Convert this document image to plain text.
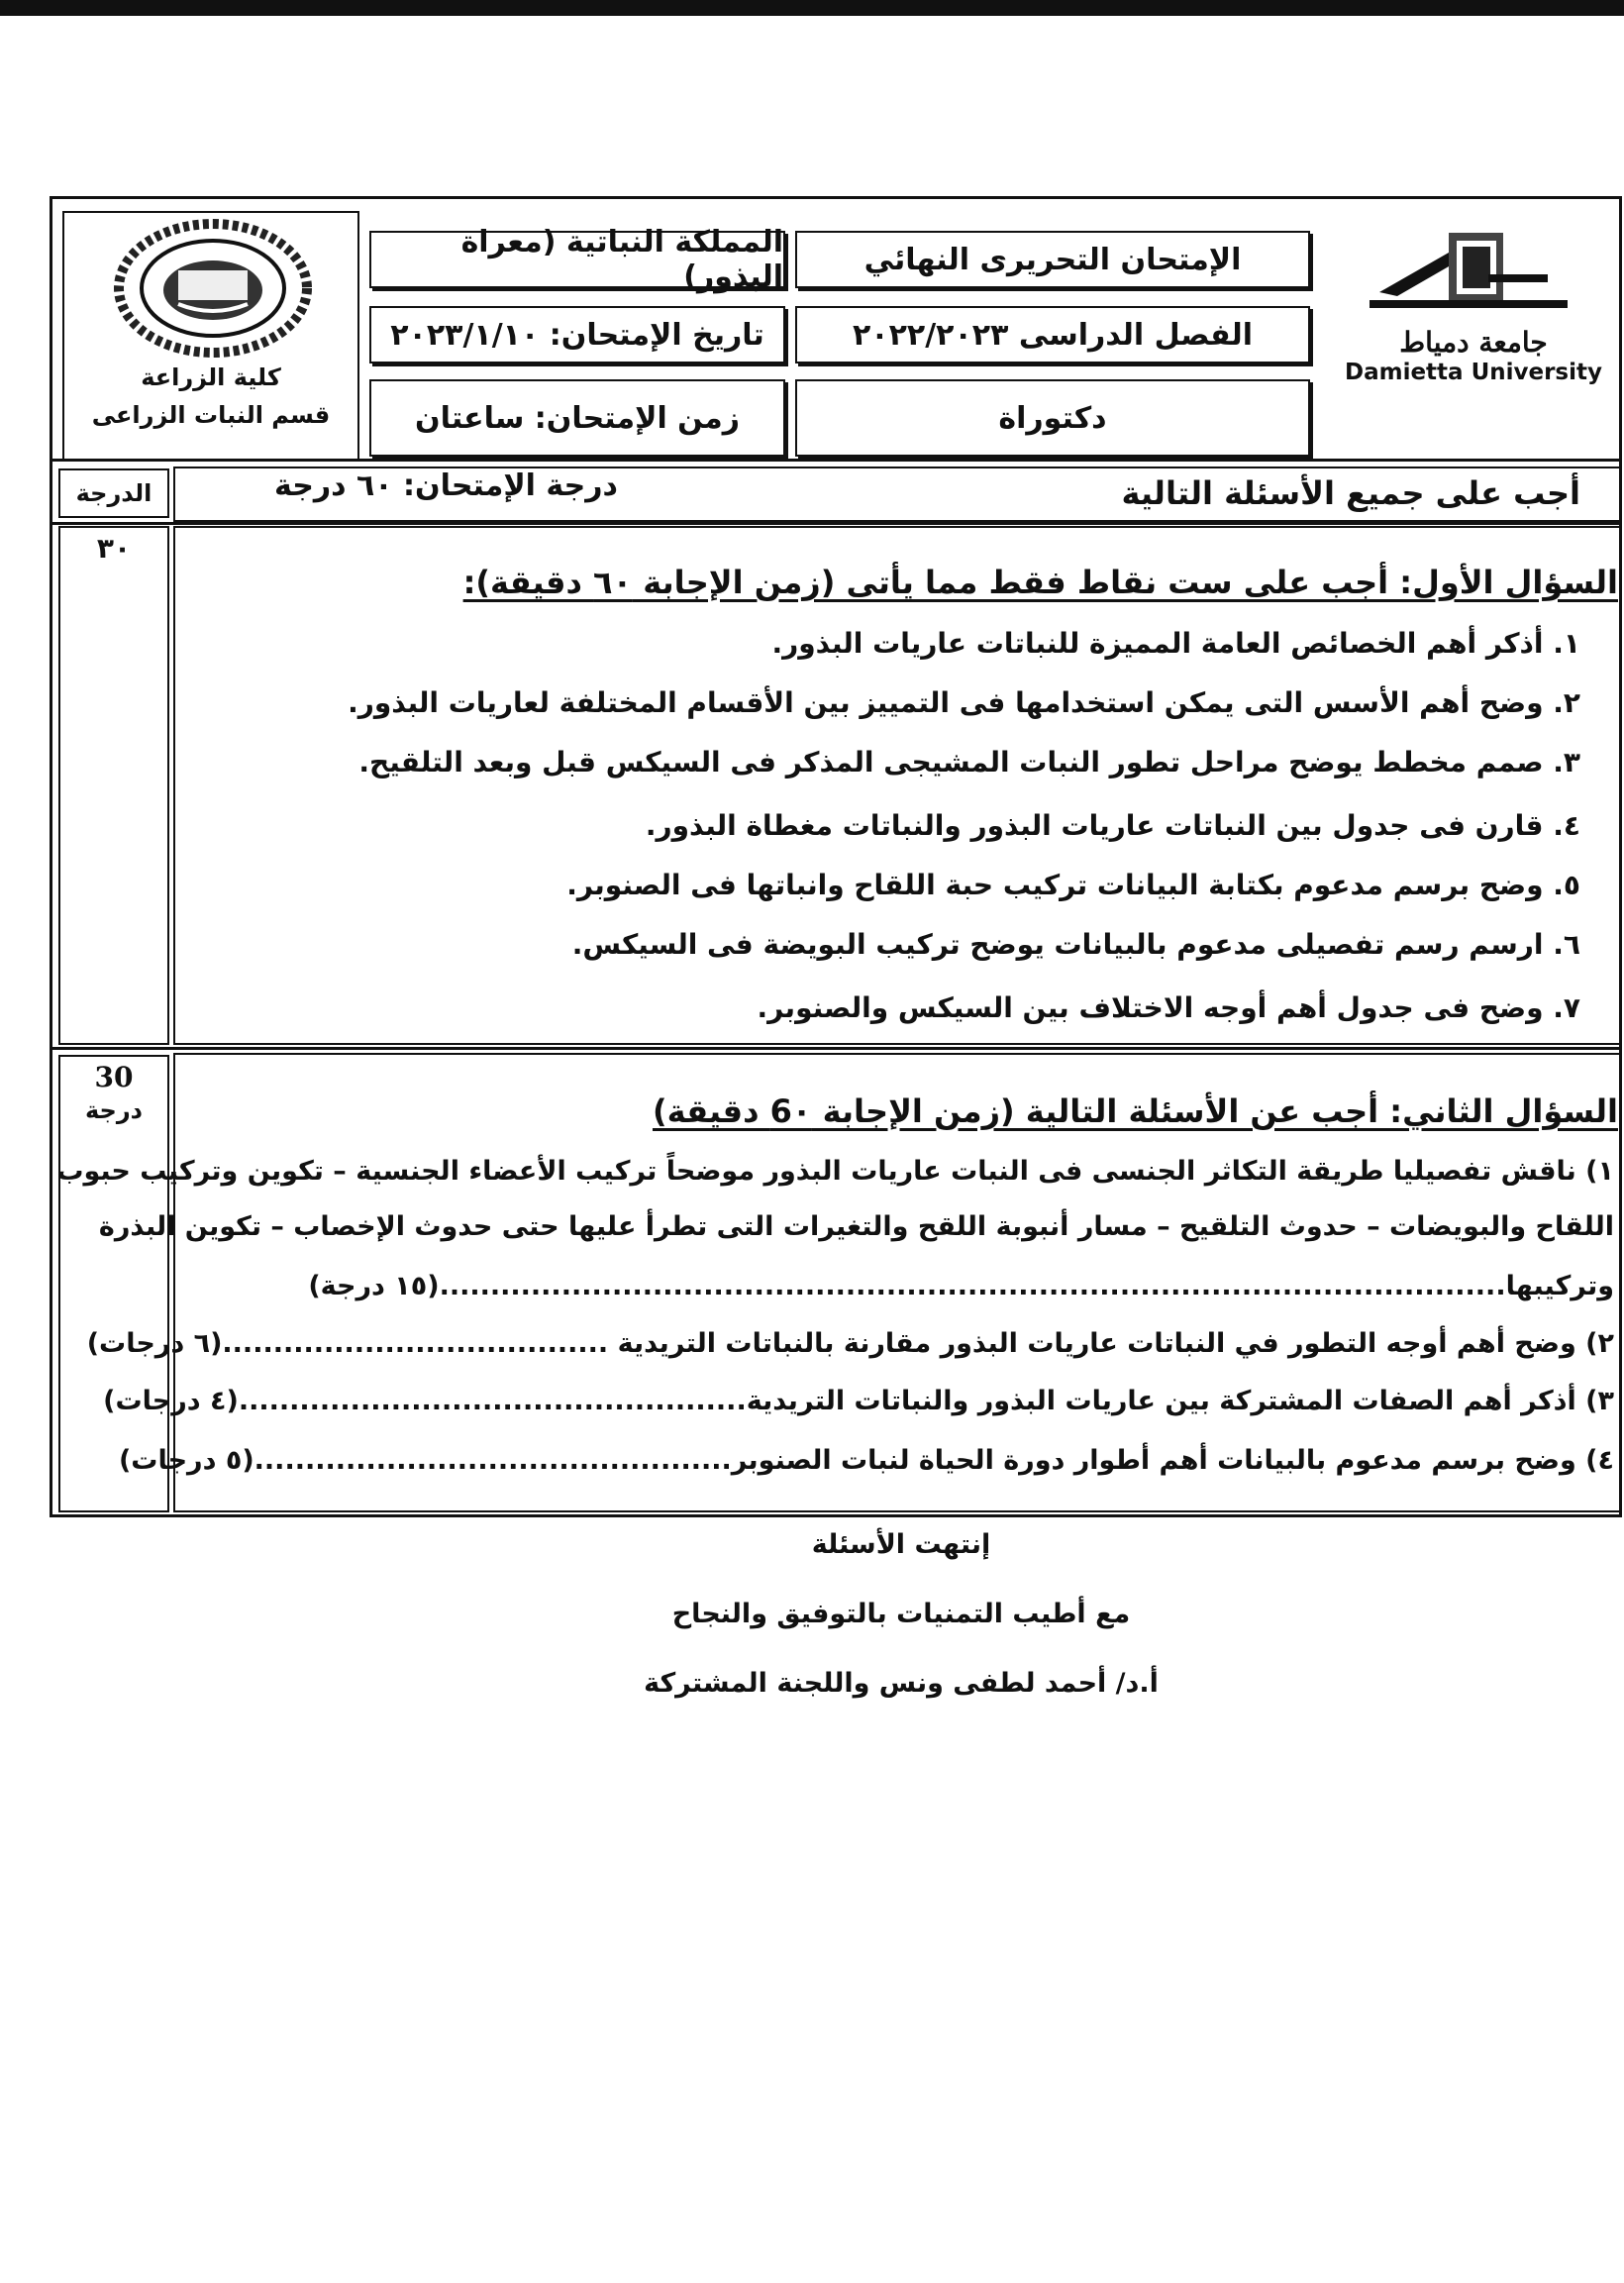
جامعة دمياط
Damietta University
الإمتحان التحريرى النهائي
الفصل الدراسى ٢٠٢٢/٢٠٢٣
دكتوراة
المملكة النباتية (معراة البذور)
تاريخ الإمتحان: ٢٠٢٣/١/١٠
زمن الإمتحان: ساعتان
كلية الزراعة
قسم النبات الزراعى
الدرجة	أجب على جميع الأسئلة التالية
درجة الإمتحان: ٦٠ درجة
٣٠
السؤال الأول: أجب على ست نقاط فقط مما يأتى (زمن الإجابة ٦٠ دقيقة):
١. أذكر أهم الخصائص العامة المميزة للنباتات عاريات البذور.
٢. وضح أهم الأسس التى يمكن استخدامها فى التمييز بين الأقسام المختلفة لعاريات البذور.
٣. صمم مخطط يوضح مراحل تطور النبات المشيجى المذكر فى السيكس قبل وبعد التلقيح.
٤. قارن فى جدول بين النباتات عاريات البذور والنباتات مغطاة البذور.
٥. وضح برسم مدعوم بكتابة البيانات تركيب حبة اللقاح وانباتها فى الصنوبر.
٦. ارسم رسم تفصيلى مدعوم بالبيانات يوضح تركيب البويضة فى السيكس.
٧. وضح فى جدول أهم أوجه الاختلاف بين السيكس والصنوبر.
30
درجة	السؤال الثاني: أجب عن الأسئلة التالية (زمن الإجابة 6٠ دقيقة)
١) ناقش تفصيليا طريقة التكاثر الجنسى فى النبات عاريات البذور موضحاً تركيب الأعضاء الجنسية – تكوين وتركيب حبوب
اللقاح والبويضات – حدوث التلقيح – مسار أنبوبة اللقح والتغيرات التى تطرأ عليها حتى حدوث الإخصاب – تكوين البذرة
وتركيبها.........................................................................................................(١٥ درجة)
٢) وضح أهم أوجه التطور في النباتات عاريات البذور مقارنة بالنباتات التريدية ......................................(٦ درجات)
٣) أذكر أهم الصفات المشتركة بين عاريات البذور والنباتات التريدية..................................................(٤ درجات)
٤) وضح برسم مدعوم بالبيانات أهم أطوار دورة الحياة لنبات الصنوبر...............................................(٥ درجات)
إنتهت الأسئلة
مع أطيب التمنيات بالتوفيق والنجاح
أ.د/ أحمد لطفى ونس واللجنة المشتركة
